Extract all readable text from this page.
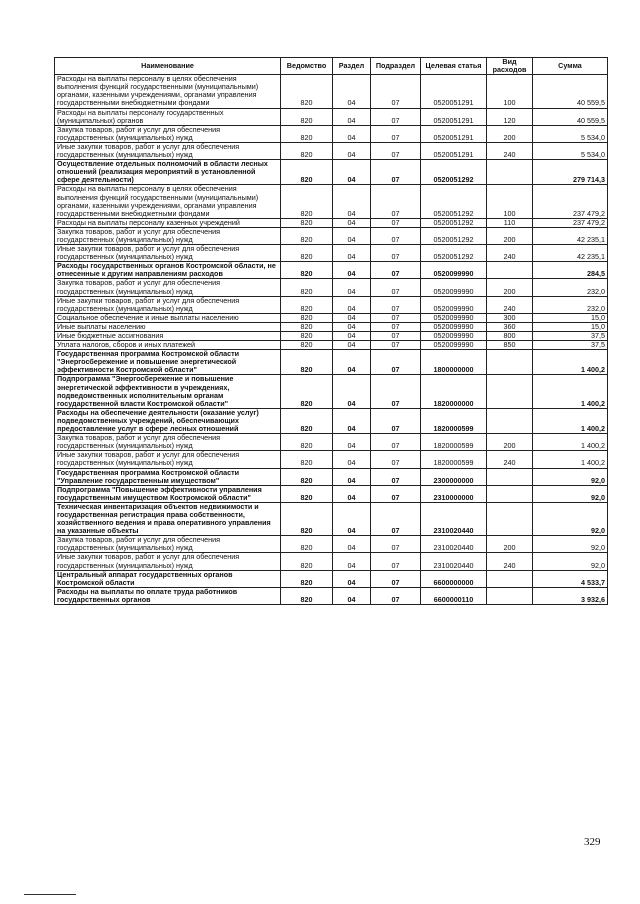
Наименование	Ведомство	Раздел	Подраздел	Целевая статья	Вид расходов	Сумма
Расходы на выплаты персоналу в целях обеспечения выполнения функций государственными (муниципальными) органами, казенными учреждениями, органами управления государственными внебюджетными фондами	820	04	07	0520051291	100	40 559,5
Расходы на выплаты персоналу государственных (муниципальных) органов	820	04	07	0520051291	120	40 559,5
Закупка товаров, работ и услуг для обеспечения государственных (муниципальных) нужд	820	04	07	0520051291	200	5 534,0
Иные закупки товаров, работ и услуг для обеспечения государственных (муниципальных) нужд	820	04	07	0520051291	240	5 534,0
Осуществление отдельных полномочий в области лесных отношений (реализация мероприятий в установленной сфере деятельности)	820	04	07	0520051292		279 714,3
Расходы на выплаты персоналу в целях обеспечения выполнения функций государственными (муниципальными) органами, казенными учреждениями, органами управления государственными внебюджетными фондами	820	04	07	0520051292	100	237 479,2
Расходы на выплаты персоналу казенных учреждений	820	04	07	0520051292	110	237 479,2
Закупка товаров, работ и услуг для обеспечения государственных (муниципальных) нужд	820	04	07	0520051292	200	42 235,1
Иные закупки товаров, работ и услуг для обеспечения государственных (муниципальных) нужд	820	04	07	0520051292	240	42 235,1
Расходы государственных органов Костромской области, не отнесенные к другим направлениям расходов	820	04	07	0520099990		284,5
Закупка товаров, работ и услуг для обеспечения государственных (муниципальных) нужд	820	04	07	0520099990	200	232,0
Иные закупки товаров, работ и услуг для обеспечения государственных (муниципальных) нужд	820	04	07	0520099990	240	232,0
Социальное обеспечение и иные выплаты населению	820	04	07	0520099990	300	15,0
Иные выплаты населению	820	04	07	0520099990	360	15,0
Иные бюджетные ассигнования	820	04	07	0520099990	800	37,5
Уплата налогов, сборов и иных платежей	820	04	07	0520099990	850	37,5
Государственная программа Костромской области "Энергосбережение и повышение энергетической эффективности Костромской области"	820	04	07	1800000000		1 400,2
Подпрограмма "Энергосбережение и повышение энергетической эффективности в учреждениях, подведомственных исполнительным органам государственной власти Костромской области"	820	04	07	1820000000		1 400,2
Расходы на обеспечение деятельности (оказание услуг) подведомственных учреждений, обеспечивающих предоставление услуг в сфере лесных отношений	820	04	07	1820000599		1 400,2
Закупка товаров, работ и услуг для обеспечения государственных (муниципальных) нужд	820	04	07	1820000599	200	1 400,2
Иные закупки товаров, работ и услуг для обеспечения государственных (муниципальных) нужд	820	04	07	1820000599	240	1 400,2
Государственная программа Костромской области "Управление государственным имуществом"	820	04	07	2300000000		92,0
Подпрограмма "Повышение эффективности управления государственным имуществом Костромской области"	820	04	07	2310000000		92,0
Техническая инвентаризация объектов недвижимости и государственная регистрация права собственности, хозяйственного ведения и права оперативного управления на указанные объекты	820	04	07	2310020440		92,0
Закупка товаров, работ и услуг для обеспечения государственных (муниципальных) нужд	820	04	07	2310020440	200	92,0
Иные закупки товаров, работ и услуг для обеспечения государственных (муниципальных) нужд	820	04	07	2310020440	240	92,0
Центральный аппарат государственных органов Костромской области	820	04	07	6600000000		4 533,7
Расходы на выплаты по оплате труда работников государственных органов	820	04	07	6600000110		3 932,6
329
